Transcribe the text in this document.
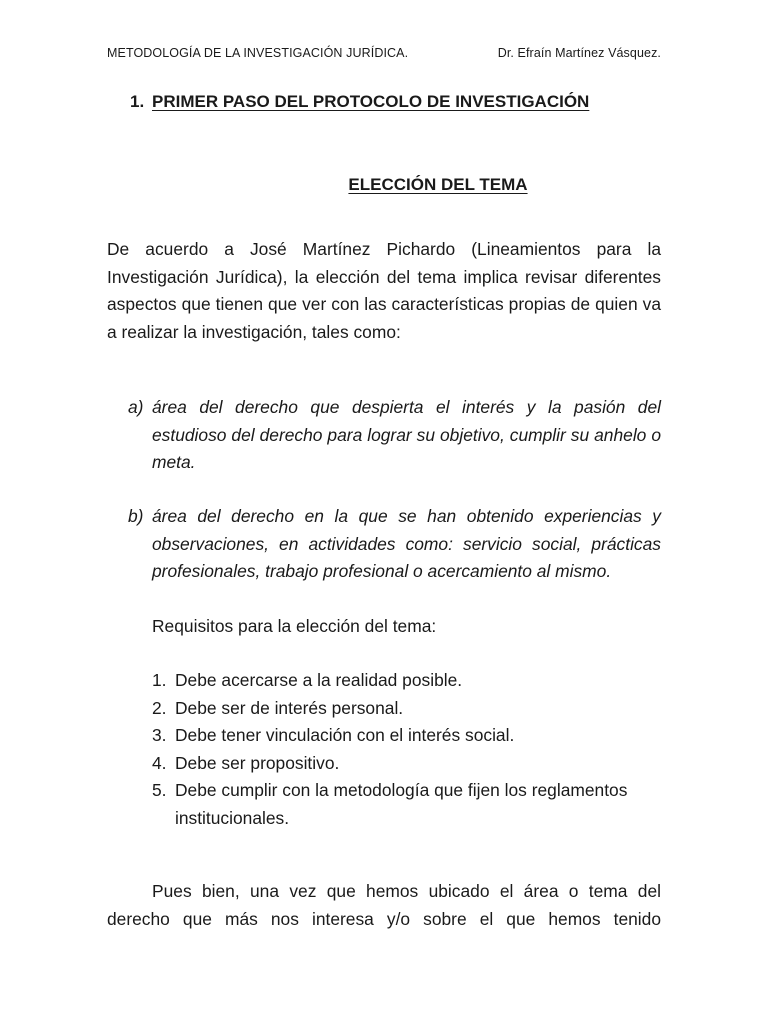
METODOLOGÍA DE LA INVESTIGACIÓN JURÍDICA.	Dr. Efraín Martínez Vásquez.
1. PRIMER PASO DEL PROTOCOLO DE INVESTIGACIÓN
ELECCIÓN DEL TEMA

De acuerdo a José Martínez Pichardo (Lineamientos para la Investigación Jurídica), la elección del tema implica revisar diferentes aspectos que tienen que ver con las características propias de quien va a realizar la investigación, tales como:

a) área del derecho que despierta el interés y la pasión del estudioso del derecho para lograr su objetivo, cumplir su anhelo o meta.
b) área del derecho en la que se han obtenido experiencias y observaciones, en actividades como: servicio social, prácticas profesionales, trabajo profesional o acercamiento al mismo.
Requisitos para la elección del tema:
1. Debe acercarse a la realidad posible.
2. Debe ser de interés personal.
3. Debe tener vinculación con el interés social.
4. Debe ser propositivo.
5. Debe cumplir con la metodología que fijen los reglamentos institucionales.

Pues bien, una vez que hemos ubicado el área o tema del derecho que más nos interesa y/o sobre el que hemos tenido
